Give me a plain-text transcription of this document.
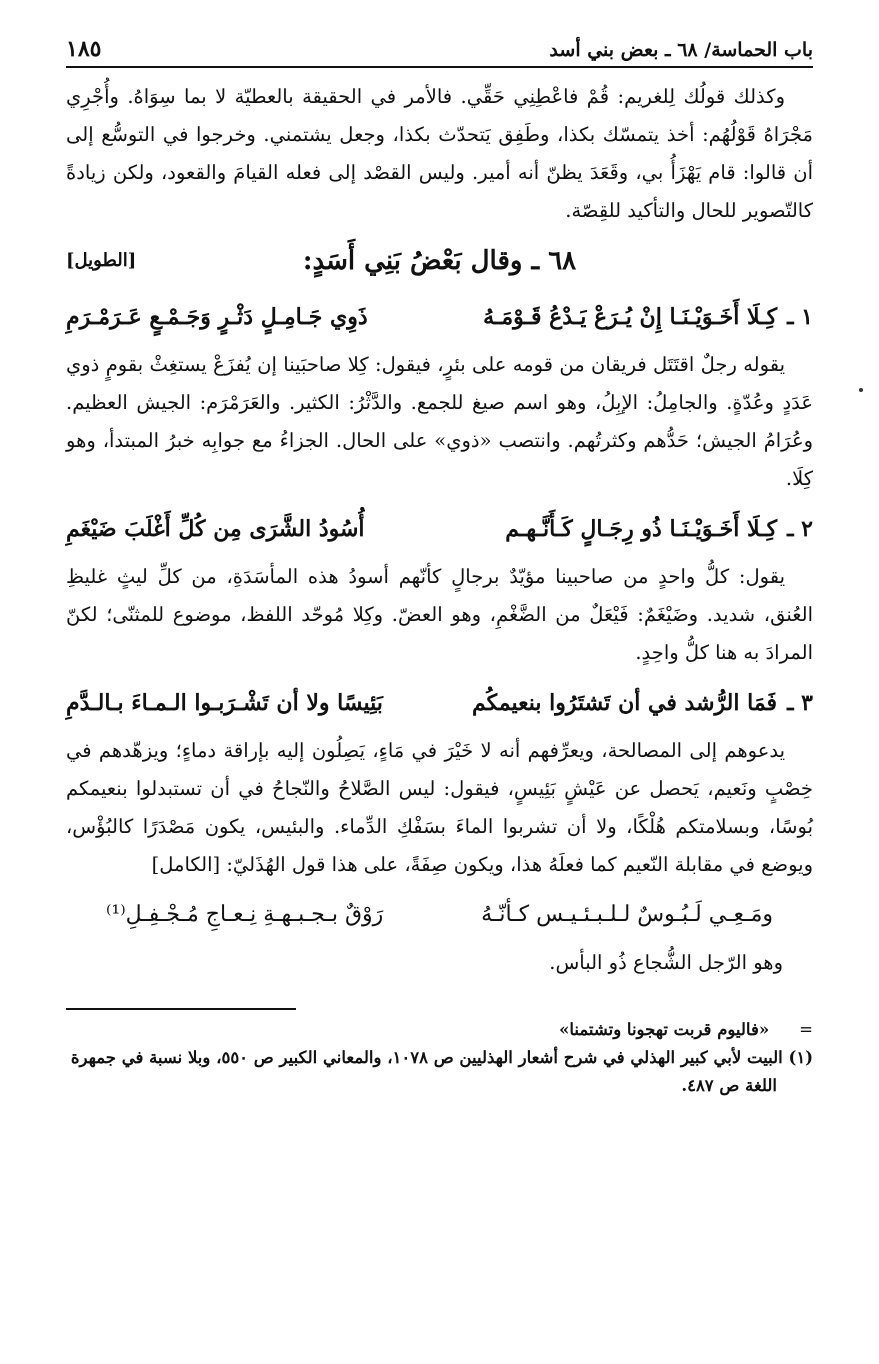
باب الحماسة/ ٦٨ ـ بعض بني أسد
١٨٥

وكذلك قولُك لِلغريم: قُمْ فاعْطِنِي حَقِّي. فالأمر في الحقيقة بالعطيّة لا بما سِوَاهُ. وأُجْرِي مَجْرَاهُ قَوْلُهُم: أخذ يتمسّك بكذا، وطَفِق يَتحدّث بكذا، وجعل يشتمني. وخرجوا في التوسُّع إلى أن قالوا: قام يَهْزَأُ بي، وقَعَدَ يظنّ أنه أمير. وليس القصْد إلى فعله القيامَ والقعود، ولكن زيادةً كالتّصوير للحال والتأكيد للقِصّة.

٦٨ ـ وقال بَعْضُ بَنِي أَسَدٍ:
[الطويل]
١ ـ
كِـلَا أَخَـوَيْـنَـا إِنْ يُـرَعْ يَـدْعُ قَـوْمَـهُ
ذَوِي جَـامِـلٍ دَثْـرٍ وَجَـمْـعٍ عَـرَمْـرَمِ

يقوله رجلٌ اقتَتَل فريقان من قومه على بئرٍ، فيقول: كِلا صاحبَينا إن يُفزَعْ يستغِثْ بقومٍ ذوي عَدَدٍ وعُدّةٍ. والجامِلُ: الإبِلُ، وهو اسم صيغ للجمع. والدَّثْرُ: الكثير. والعَرَمْرَم: الجيش العظيم. وعُرَامُ الجيش؛ حَدُّهم وكثرتُهم. وانتصب «ذوي» على الحال. الجزاءُ مع جوابِه خبرُ المبتدأ، وهو كِلَا.

٢ ـ
كِـلَا أَخَـوَيْـنَـا ذُو رِجَـالٍ كَـأَنَّـهـم
أُسُودُ الشَّرَى مِن كُلِّ أَغْلَبَ ضَيْغَمِ

يقول: كلُّ واحدٍ من صاحبينا مؤيّدٌ برجالٍ كأنّهم أسودُ هذه المأسَدَةِ، من كلِّ ليثٍ غليظِ العُنق، شديد. وضَيْغَمٌ: فَيْعَلٌ من الضَّغْمِ، وهو العضّ. وكِلا مُوحّد اللفظ، موضوع للمثنّى؛ لكنّ المرادَ به هنا كلُّ واحِدٍ.

٣ ـ
فَمَا الرُّشد في أن تَشتَرُوا بنعيمكُم
بَئِيسًا ولا أن تَشْـرَبـوا الـمـاءَ بـالـدَّمِ

يدعوهم إلى المصالحة، ويعرِّفهم أنه لا خَيْرَ في مَاءٍ، يَصِلُون إليه بإراقة دماءٍ؛ ويزهّدهم في خِصْبٍ ونَعيم، يَحصل عن عَيْشٍ بَئِيسٍ، فيقول: ليس الصَّلاحُ والنّجاحُ في أن تستبدلوا بنعيمكم بُوسًا، وبسلامتكم هُلْكًا، ولا أن تشربوا الماءَ بسَفْكِ الدِّماء. والبئيس، يكون مَصْدَرًا كالبُؤْس، ويوضع في مقابلة النّعيم كما فعلَهُ هذا، ويكون صِفَةً، على هذا قول الهُذَليّ: [الكامل]

ومَـعِـي لَـبُـوسٌ لـلـبـئـيـس كـأنّـهُ
رَوْقٌ بـجـبـهـةِ نِـعـاجِ مُـجْـفِـلِ⁽¹⁾

وهو الرّجل الشُّجاع ذُو البأس.

=
«فاليوم قربت تهجونا وتشتمنا»

(١) البيت لأبي كبير الهذلي في شرح أشعار الهذليين ص ١٠٧٨، والمعاني الكبير ص ٥٥٠، وبلا نسبة في جمهرة اللغة ص ٤٨٧.
